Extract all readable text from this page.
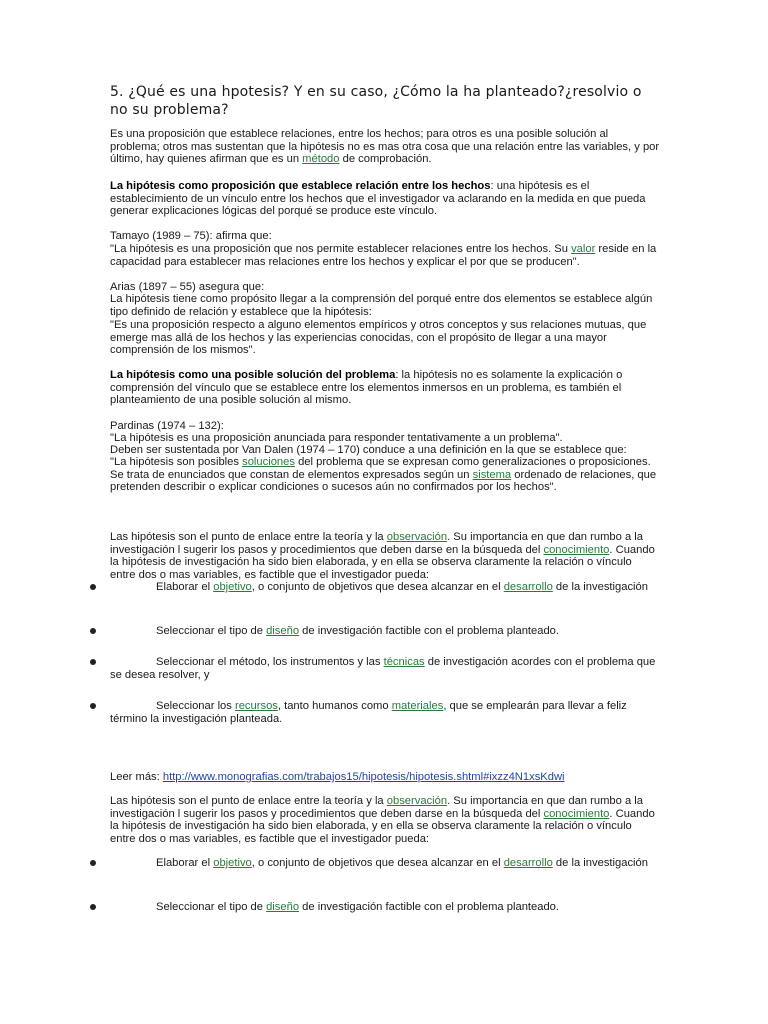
5. ¿Qué es una hpotesis? Y en su caso, ¿Cómo la ha planteado?¿resolvio o no su problema?

Es una proposición que establece relaciones, entre los hechos; para otros es una posible solución al problema; otros mas sustentan que la hipótesis no es mas otra cosa que una relación entre las variables, y por último, hay quienes afirman que es un método de comprobación.

La hipótesis como proposición que establece relación entre los hechos: una hipótesis es el establecimiento de un vínculo entre los hechos que el investigador va aclarando en la medida en que pueda generar explicaciones lógicas del porqué se produce este vínculo.

Tamayo (1989 – 75): afirma que:

"La hipótesis es una proposición que nos permite establecer relaciones entre los hechos. Su valor reside en la capacidad para establecer mas relaciones entre los hechos y explicar el por que se producen".

Arias (1897 – 55) asegura que:

La hipótesis tiene como propósito llegar a la comprensión del porqué entre dos elementos se establece algún tipo definido de relación y establece que la hipótesis:

"Es una proposición respecto a alguno elementos empíricos y otros conceptos y sus relaciones mutuas, que emerge mas allá de los hechos y las experiencias conocidas, con el propósito de llegar a una mayor comprensión de los mismos".

La hipótesis como una posible solución del problema: la hipótesis no es solamente la explicación o comprensión del vínculo que se establece entre los elementos inmersos en un problema, es también el planteamiento de una posible solución al mismo.

Pardinas (1974 – 132):

"La hipótesis es una proposición anunciada para responder tentativamente a un problema".

Deben ser sustentada por Van Dalen (1974 – 170) conduce a una definición en la que se establece que:

"La hipótesis son posibles soluciones del problema que se expresan como generalizaciones o proposiciones. Se trata de enunciados que constan de elementos expresados según un sistema ordenado de relaciones, que pretenden describir o explicar condiciones o sucesos aún no confirmados por los hechos".

Las hipótesis son el punto de enlace entre la teoría y la observación. Su importancia en que dan rumbo a la investigación l sugerir los pasos y procedimientos que deben darse en la búsqueda del conocimiento. Cuando la hipótesis de investigación ha sido bien elaborada, y en ella se observa claramente la relación o vínculo entre dos o mas variables, es factible que el investigador pueda:

Elaborar el objetivo, o conjunto de objetivos que desea alcanzar en el desarrollo de la investigación

Seleccionar el tipo de diseño de investigación factible con el problema planteado.

Seleccionar el método, los instrumentos y las técnicas de investigación acordes con el problema que se desea resolver, y

Seleccionar los recursos, tanto humanos como materiales, que se emplearán para llevar a feliz término la investigación planteada.

Leer más: http://www.monografias.com/trabajos15/hipotesis/hipotesis.shtml#ixzz4N1xsKdwi

Las hipótesis son el punto de enlace entre la teoría y la observación. Su importancia en que dan rumbo a la investigación l sugerir los pasos y procedimientos que deben darse en la búsqueda del conocimiento. Cuando la hipótesis de investigación ha sido bien elaborada, y en ella se observa claramente la relación o vínculo entre dos o mas variables, es factible que el investigador pueda:

Elaborar el objetivo, o conjunto de objetivos que desea alcanzar en el desarrollo de la investigación

Seleccionar el tipo de diseño de investigación factible con el problema planteado.
